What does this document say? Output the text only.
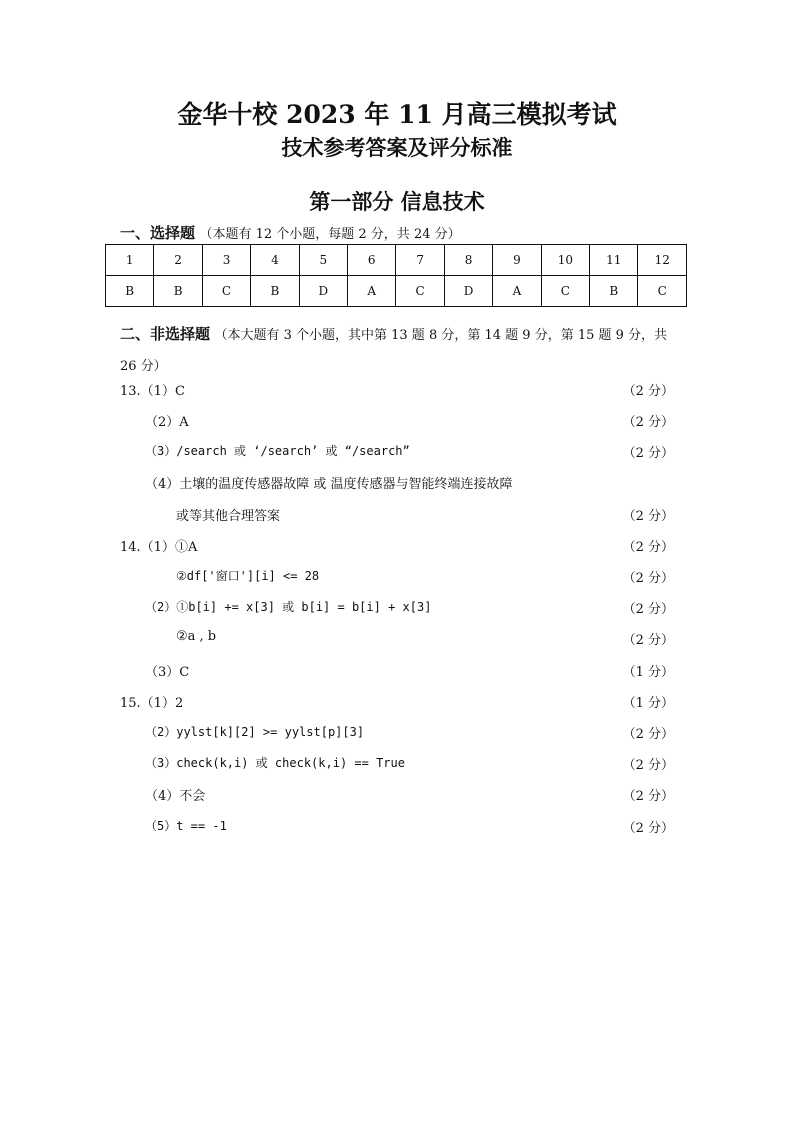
金华十校 2023 年 11 月高三模拟考试
技术参考答案及评分标准
第一部分 信息技术
一、选择题 （本题有 12 个小题，每题 2 分，共 24 分）
1	2	3	4	5	6	7	8	9	10	11	12
B	B	C	B	D	A	C	D	A	C	B	C
二、非选择题 （本大题有 3 个小题，其中第 13 题 8 分，第 14 题 9 分，第 15 题 9 分，共 26 分）
13.（1）C	（2 分）
（2）A	（2 分）
（3）/search 或 ‘/search’ 或 “/search”	（2 分）
（4）土壤的温度传感器故障 或 温度传感器与智能终端连接故障
或等其他合理答案	（2 分）
14.（1）①A	（2 分）
②df['窗口'][i] <= 28	（2 分）
（2）①b[i] += x[3] 或 b[i] = b[i] + x[3]	（2 分）
②a , b	（2 分）
（3）C	（1 分）
15.（1）2	（1 分）
（2）yylst[k][2] >= yylst[p][3]	（2 分）
（3）check(k,i) 或 check(k,i) == True	（2 分）
（4）不会	（2 分）
（5）t == -1	（2 分）
